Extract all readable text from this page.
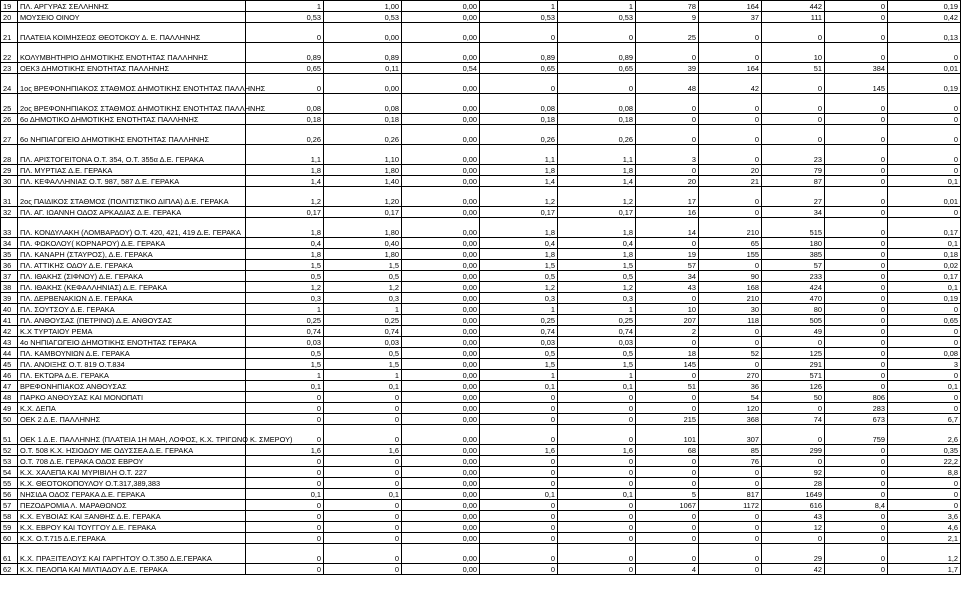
19	ΠΛ. ΑΡΓΥΡΑΣ ΣΕΛΛΗΝΗΣ	1	1,00	0,00	1	1	78	164	442	0	0,19	
20	ΜΟΥΣΕΙΟ ΟΙΝΟΥ	0,53	0,53	0,00	0,53	0,53	9	37	111	0	0,42	
21	ΠΛΑΤΕΙΑ ΚΟΙΜΗΣΕΩΣ ΘΕΟΤΟΚΟΥ Δ. Ε. ΠΑΛΛΗΝΗΣ	0	0,00	0,00	0	0	25	0	0	0	0,13	
22	ΚΟΛΥΜΒΗΤΗΡΙΟ ΔΗΜΟΤΙΚΗΣ ΕΝΟΤΗΤΑΣ ΠΑΛΛΗΝΗΣ	0,89	0,89	0,00	0,89	0,89	0	0	10	0	0	
23	ΟΕΚ3 ΔΗΜΟΤΙΚΗΣ ΕΝΟΤΗΤΑΣ ΠΑΛΛΗΝΗΣ	0,65	0,11	0,54	0,65	0,65	39	164	51	384	0,01	
24	1ος ΒΡΕΦΟΝΗΠΙΑΚΟΣ ΣΤΑΘΜΟΣ ΔΗΜΟΤΙΚΗΣ ΕΝΟΤΗΤΑΣ ΠΑΛΛΗΝΗΣ	0	0,00	0,00	0	0	48	42	0	145	0,19	
25	2ος ΒΡΕΦΟΝΗΠΙΑΚΟΣ ΣΤΑΘΜΟΣ ΔΗΜΟΤΙΚΗΣ ΕΝΟΤΗΤΑΣ ΠΑΛΛΗΝΗΣ	0,08	0,08	0,00	0,08	0,08	0	0	0	0	0	
26	6ο ΔΗΜΟΤΙΚΟ ΔΗΜΟΤΙΚΗΣ ΕΝΟΤΗΤΑΣ ΠΑΛΛΗΝΗΣ	0,18	0,18	0,00	0,18	0,18	0	0	0	0	0	
27	6ο ΝΗΠΙΑΓΩΓΕΙΟ ΔΗΜΟΤΙΚΗΣ ΕΝΟΤΗΤΑΣ ΠΑΛΛΗΝΗΣ	0,26	0,26	0,00	0,26	0,26	0	0	0	0	0	
28	ΠΛ. ΑΡΙΣΤΟΓΕΙΤΟΝΑ Ο.Τ. 354, Ο.Τ. 355α Δ.Ε. ΓΕΡΑΚΑ	1,1	1,10	0,00	1,1	1,1	3	0	23	0	0	
29	ΠΛ. ΜΥΡΤΙΑΣ Δ.Ε. ΓΕΡΑΚΑ	1,8	1,80	0,00	1,8	1,8	0	20	79	0	0	
30	ΠΛ. ΚΕΦΑΛΛΗΝΙΑΣ Ο.Τ. 987, 587 Δ.Ε. ΓΕΡΑΚΑ	1,4	1,40	0,00	1,4	1,4	20	21	87	0	0,1	
31	2ος ΠΑΙΔΙΚΟΣ ΣΤΑΘΜΟΣ (ΠΟΛΙΤΙΣΤΙΚΟ ΔΙΠΛΑ) Δ.Ε. ΓΕΡΑΚΑ	1,2	1,20	0,00	1,2	1,2	17	0	27	0	0,01	
32	ΠΛ. ΑΓ. ΙΩΑΝΝΗ ΟΔΟΣ ΑΡΚΑΔΙΑΣ Δ.Ε. ΓΕΡΑΚΑ	0,17	0,17	0,00	0,17	0,17	16	0	34	0	0	
33	ΠΛ. ΚΟΝΔΥΛΑΚΗ (ΛΟΜΒΑΡΔΟΥ) Ο.Τ. 420, 421, 419 Δ.Ε. ΓΕΡΑΚΑ	1,8	1,80	0,00	1,8	1,8	14	210	515	0	0,17	
34	ΠΛ. ΦΩΚΟΛΟΥ( ΚΟΡΝΑΡΟΥ) Δ.Ε. ΓΕΡΑΚΑ	0,4	0,40	0,00	0,4	0,4	0	65	180	0	0,1	
35	ΠΛ. ΚΑΝΑΡΗ (ΣΤΑΥΡΟΣ), Δ.Ε. ΓΕΡΑΚΑ	1,8	1,80	0,00	1,8	1,8	19	155	385	0	0,18	
36	ΠΛ. ΑΤΤΙΚΗΣ ΟΔΟΥ Δ.Ε. ΓΕΡΑΚΑ	1,5	1,5	0,00	1,5	1,5	57	0	57	0	0,02	
37	ΠΛ. ΙΘΑΚΗΣ (ΣΙΦΝΟΥ) Δ.Ε. ΓΕΡΑΚΑ	0,5	0,5	0,00	0,5	0,5	34	90	233	0	0,17	
38	ΠΛ. ΙΘΑΚΗΣ (ΚΕΦΑΛΛΗΝΙΑΣ) Δ.Ε. ΓΕΡΑΚΑ	1,2	1,2	0,00	1,2	1,2	43	168	424	0	0,1	
39	ΠΛ. ΔΕΡΒΕΝΑΚΙΩΝ Δ.Ε. ΓΕΡΑΚΑ	0,3	0,3	0,00	0,3	0,3	0	210	470	0	0,19	
40	ΠΛ. ΣΟΥΤΣΟΥ Δ.Ε. ΓΕΡΑΚΑ	1	1	0,00	1	1	10	30	80	0	0	
41	ΠΛ. ΑΝΘΟΥΣΑΣ (ΠΕΤΡΙΝΟ) Δ.Ε. ΑΝΘΟΥΣΑΣ	0,25	0,25	0,00	0,25	0,25	207	118	505	0	0,65	
42	Κ.Χ ΤΥΡΤΑΙΟΥ ΡΕΜΑ	0,74	0,74	0,00	0,74	0,74	2	0	49	0	0	
43	4ο ΝΗΠΙΑΓΩΓΕΙΟ ΔΗΜΟΤΙΚΗΣ ΕΝΟΤΗΤΑΣ ΓΕΡΑΚΑ	0,03	0,03	0,00	0,03	0,03	0	0	0	0	0	
44	ΠΛ. ΚΑΜΒΟΥΝΙΩΝ Δ.Ε. ΓΕΡΑΚΑ	0,5	0,5	0,00	0,5	0,5	18	52	125	0	0,08	
45	ΠΛ. ΑΝΟΙΞΗΣ Ο.Τ. 819 Ο.Τ.834	1,5	1,5	0,00	1,5	1,5	145	0	291	0	3	
46	ΠΛ. ΕΚΤΩΡΑ Δ.Ε. ΓΕΡΑΚΑ	1	1	0,00	1	1	0	270	571	0	0	
47	ΒΡΕΦΟΝΗΠΙΑΚΟΣ ΑΝΘΟΥΣΑΣ	0,1	0,1	0,00	0,1	0,1	51	36	126	0	0,1	
48	ΠΑΡΚΟ ΑΝΘΟΥΣΑΣ ΚΑΙ ΜΟΝΟΠΑΤΙ	0	0	0,00	0	0	0	54	50	806	0	
49	Κ.Χ. ΔΕΠΑ	0	0	0,00	0	0	0	120	0	283	0	
50	ΟΕΚ 2 Δ.Ε. ΠΑΛΛΗΝΗΣ	0	0	0,00	0	0	215	368	74	673	6,7	
51	ΟΕΚ 1 Δ.Ε. ΠΑΛΛΗΝΗΣ (ΠΛΑΤΕΙΑ 1Η ΜΑΗ, ΛΟΦΟΣ, Κ.Χ. ΤΡΙΓΩΝΟ Κ. ΣΜΕΡΟΥ)	0	0	0,00	0	0	101	307	0	759	2,6	
52	Ο.Τ. 508 Κ.Χ. ΗΣΙΟΔΟΥ ΜΕ ΟΔΥΣΣΕΑ Δ.Ε. ΓΕΡΑΚΑ	1,6	1,6	0,00	1,6	1,6	68	85	299	0	0,35	
53	Ο.Τ. 708 Δ.Ε. ΓΕΡΑΚΑ ΟΔΟΣ ΕΒΡΟΥ	0	0	0,00	0	0	0	76	0	0	22,2	
54	Κ.Χ. ΧΑΛΕΠΑ ΚΑΙ ΜΥΡΙΒΙΛΗ Ο.Τ. 227	0	0	0,00	0	0	0	0	92	0	8,8	
55	Κ.Χ. ΘΕΟΤΟΚΟΠΟΥΛΟΥ Ο.Τ.317,389,383	0	0	0,00	0	0	0	0	28	0	0	
56	ΝΗΣΙΔΑ ΟΔΟΣ ΓΕΡΑΚΑ Δ.Ε. ΓΕΡΑΚΑ	0,1	0,1	0,00	0,1	0,1	5	817	1649	0	0	
57	ΠΕΖΟΔΡΟΜΙΑ Λ. ΜΑΡΑΘΩΝΟΣ	0	0	0,00	0	0	1067	1172	616	8,4	0	
58	Κ.Χ. ΕΥΒΟΙΑΣ ΚΑΙ ΞΑΝΘΗΣ Δ.Ε. ΓΕΡΑΚΑ	0	0	0,00	0	0	0	0	43	0	3,6	
59	Κ.Χ. ΕΒΡΟΥ ΚΑΙ ΤΟΥΓΓΟΥ Δ.Ε. ΓΕΡΑΚΑ	0	0	0,00	0	0	0	0	12	0	4,6	
60	Κ.Χ. Ο.Τ.715 Δ.Ε.ΓΕΡΑΚΑ	0	0	0,00	0	0	0	0	0	0	2,1	
61	Κ.Χ. ΠΡΑΞΙΤΕΛΟΥΣ ΚΑΙ ΓΑΡΓΗΤΟΥ Ο.Τ.350 Δ.Ε.ΓΕΡΑΚΑ	0	0	0,00	0	0	0	0	29	0	1,2	
62	Κ.Χ. ΠΕΛΟΠΑ ΚΑΙ ΜΙΛΤΙΑΔΟΥ Δ.Ε. ΓΕΡΑΚΑ	0	0	0,00	0	0	4	0	42	0	1,7	
